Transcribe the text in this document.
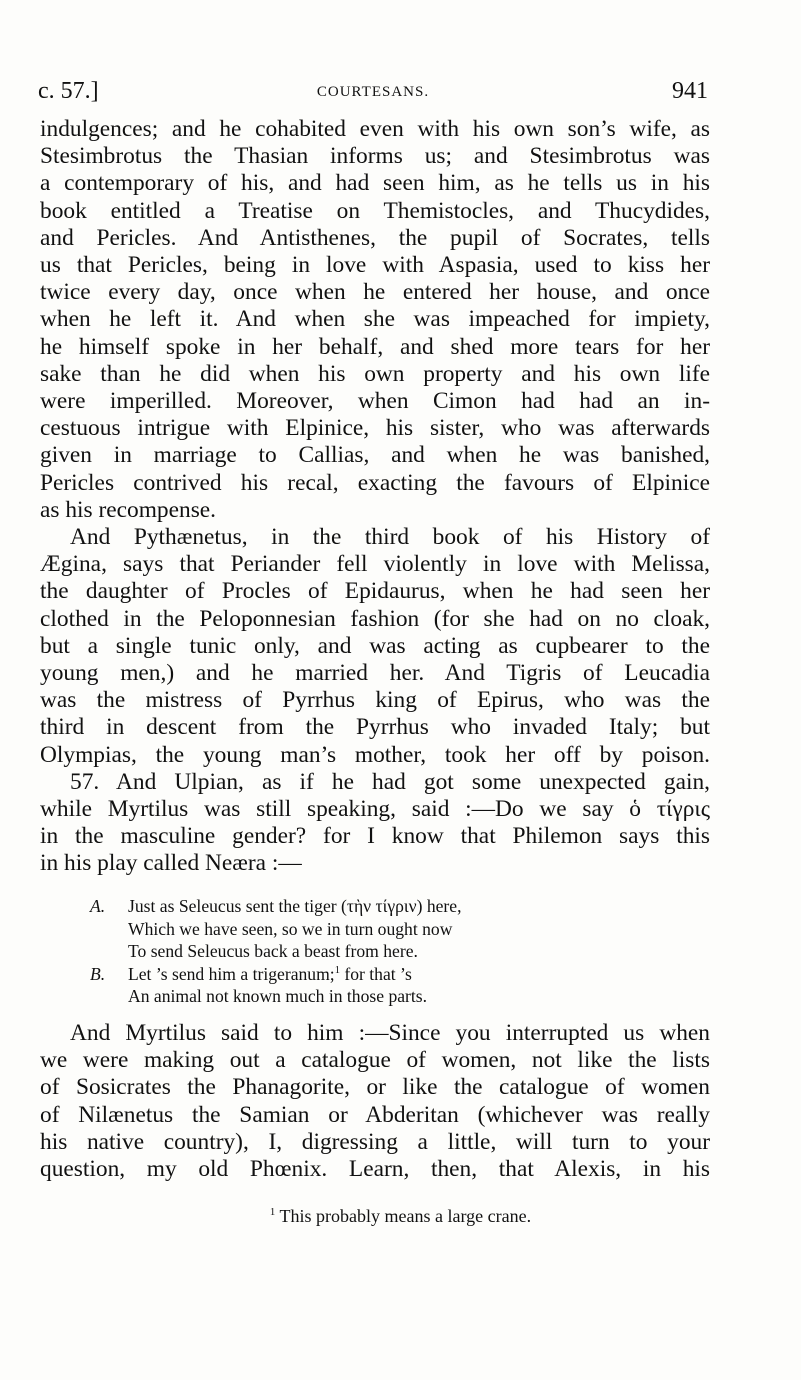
c. 57.]	COURTESANS.	941
indulgences; and he cohabited even with his own son’s wife, as
Stesimbrotus the Thasian informs us; and Stesimbrotus was
a contemporary of his, and had seen him, as he tells us in his
book entitled a Treatise on Themistocles, and Thucydides,
and Pericles. And Antisthenes, the pupil of Socrates, tells
us that Pericles, being in love with Aspasia, used to kiss her
twice every day, once when he entered her house, and once
when he left it. And when she was impeached for impiety,
he himself spoke in her behalf, and shed more tears for her
sake than he did when his own property and his own life
were imperilled. Moreover, when Cimon had had an in-
cestuous intrigue with Elpinice, his sister, who was afterwards
given in marriage to Callias, and when he was banished,
Pericles contrived his recal, exacting the favours of Elpinice
as his recompense.
And Pythænetus, in the third book of his History of
Ægina, says that Periander fell violently in love with Melissa,
the daughter of Procles of Epidaurus, when he had seen her
clothed in the Peloponnesian fashion (for she had on no cloak,
but a single tunic only, and was acting as cupbearer to the
young men,) and he married her. And Tigris of Leucadia
was the mistress of Pyrrhus king of Epirus, who was the
third in descent from the Pyrrhus who invaded Italy; but
Olympias, the young man’s mother, took her off by poison.
57. And Ulpian, as if he had got some unexpected gain,
while Myrtilus was still speaking, said :—Do we say ὁ τίγρις
in the masculine gender? for I know that Philemon says this
in his play called Neæra :—
A. Just as Seleucus sent the tiger (τὴν τίγριν) here,
Which we have seen, so we in turn ought now
To send Seleucus back a beast from here.
B. Let ’s send him a trigeranum;$^1$ for that ’s
An animal not known much in those parts.
And Myrtilus said to him :—Since you interrupted us when
we were making out a catalogue of women, not like the lists
of Sosicrates the Phanagorite, or like the catalogue of women
of Nilænetus the Samian or Abderitan (whichever was really
his native country), I, digressing a little, will turn to your
question, my old Phœnix. Learn, then, that Alexis, in his
$^1$ This probably means a large crane.
